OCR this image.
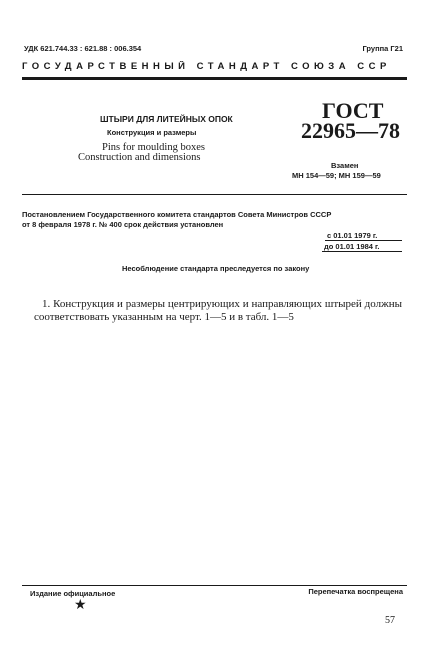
УДК 621.744.33 : 621.88 : 006.354	Группа Г21
ГОСУДАРСТВЕННЫЙ СТАНДАРТ СОЮЗА ССР
ШТЫРИ ДЛЯ ЛИТЕЙНЫХ ОПОК
Конструкция и размеры
Pins for moulding boxes
Construction and dimensions
ГОСТ
22965—78
Взамен
МН 154—59; МН 159—59
Постановлением Государственного комитета стандартов Совета Министров СССР
от 8 февраля 1978 г. № 400 срок действия установлен
с 01.01 1979 г.
до 01.01 1984 г.
Несоблюдение стандарта преследуется по закону
1. Конструкция и размеры центрирующих и направляющих штырей должны соответствовать указанным на черт. 1—5 и в табл. 1—5
Издание официальное
★
Перепечатка воспрещена
57
